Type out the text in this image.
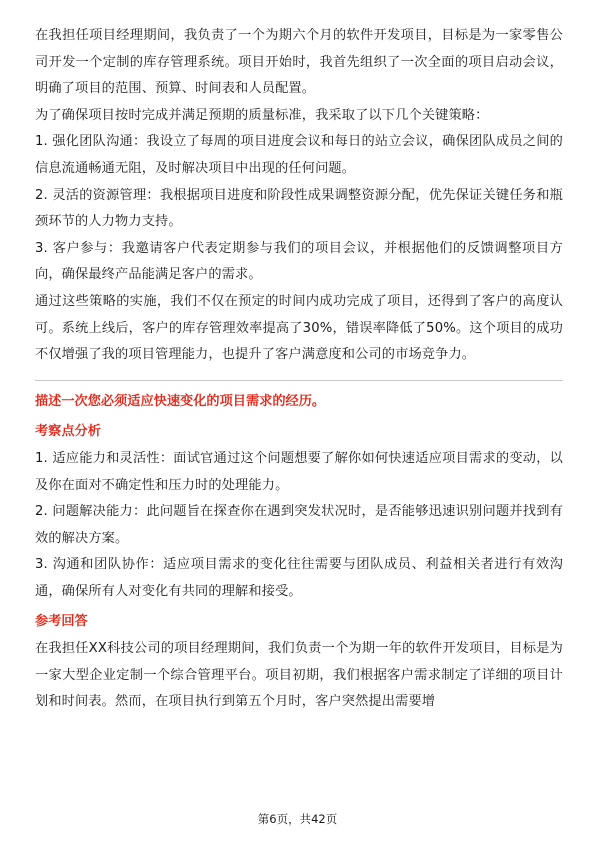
在我担任项目经理期间，我负责了一个为期六个月的软件开发项目，目标是为一家零售公司开发一个定制的库存管理系统。项目开始时，我首先组织了一次全面的项目启动会议，明确了项目的范围、预算、时间表和人员配置。

为了确保项目按时完成并满足预期的质量标准，我采取了以下几个关键策略：

1. 强化团队沟通：我设立了每周的项目进度会议和每日的站立会议，确保团队成员之间的信息流通畅通无阻，及时解决项目中出现的任何问题。

2. 灵活的资源管理：我根据项目进度和阶段性成果调整资源分配，优先保证关键任务和瓶颈环节的人力物力支持。

3. 客户参与：我邀请客户代表定期参与我们的项目会议，并根据他们的反馈调整项目方向，确保最终产品能满足客户的需求。

通过这些策略的实施，我们不仅在预定的时间内成功完成了项目，还得到了客户的高度认可。系统上线后，客户的库存管理效率提高了30%，错误率降低了50%。这个项目的成功不仅增强了我的项目管理能力，也提升了客户满意度和公司的市场竞争力。

描述一次您必须适应快速变化的项目需求的经历。

考察点分析

1. 适应能力和灵活性：面试官通过这个问题想要了解你如何快速适应项目需求的变动，以及你在面对不确定性和压力时的处理能力。

2. 问题解决能力：此问题旨在探查你在遇到突发状况时，是否能够迅速识别问题并找到有效的解决方案。

3. 沟通和团队协作：适应项目需求的变化往往需要与团队成员、利益相关者进行有效沟通，确保所有人对变化有共同的理解和接受。

参考回答

在我担任XX科技公司的项目经理期间，我们负责一个为期一年的软件开发项目，目标是为一家大型企业定制一个综合管理平台。项目初期，我们根据客户需求制定了详细的项目计划和时间表。然而，在项目执行到第五个月时，客户突然提出需要增

第6页，共42页
